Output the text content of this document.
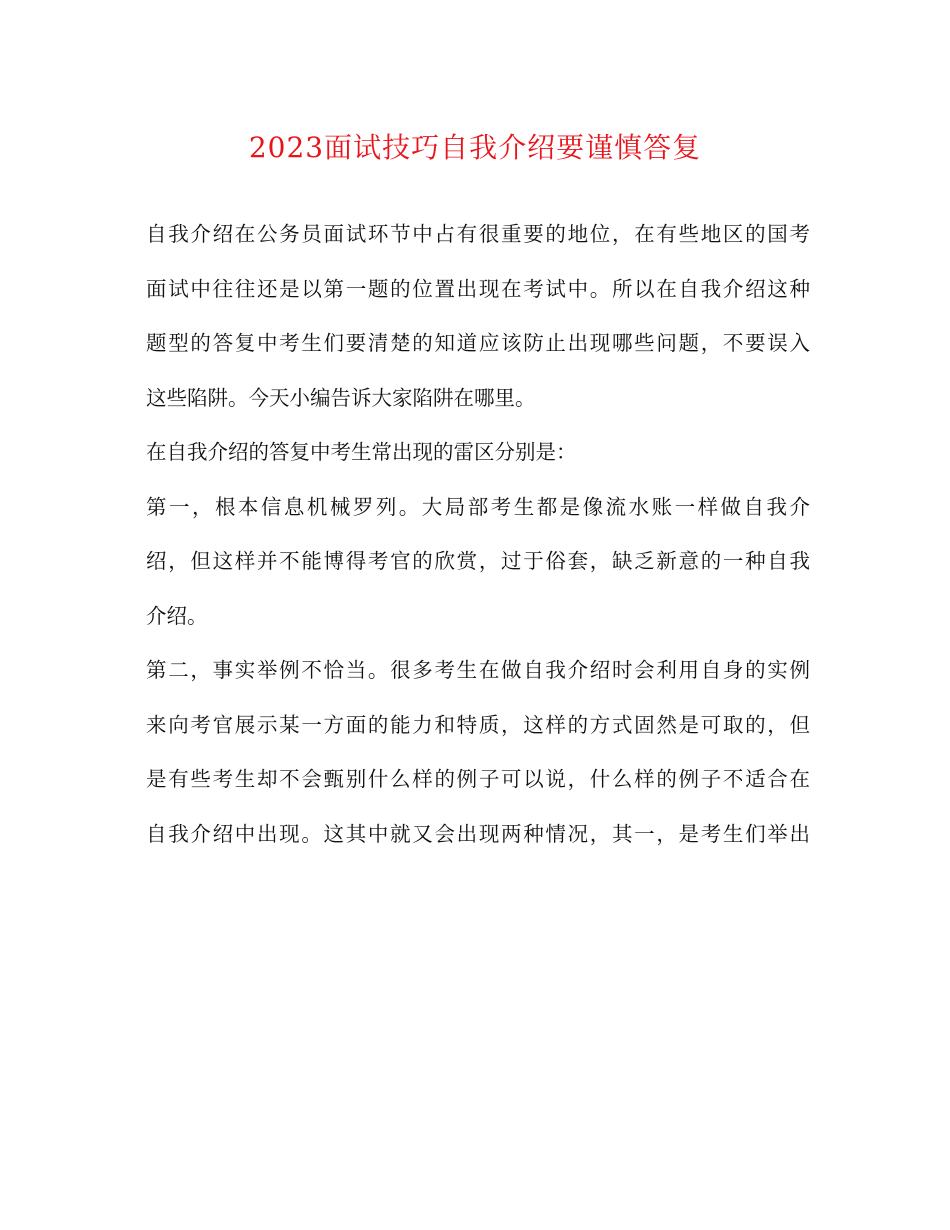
2023面试技巧自我介绍要谨慎答复
自我介绍在公务员面试环节中占有很重要的地位，在有些地区的国考
面试中往往还是以第一题的位置出现在考试中。所以在自我介绍这种
题型的答复中考生们要清楚的知道应该防止出现哪些问题，不要误入
这些陷阱。今天小编告诉大家陷阱在哪里。
在自我介绍的答复中考生常出现的雷区分别是：
第一，根本信息机械罗列。大局部考生都是像流水账一样做自我介
绍，但这样并不能博得考官的欣赏，过于俗套，缺乏新意的一种自我
介绍。
第二，事实举例不恰当。很多考生在做自我介绍时会利用自身的实例
来向考官展示某一方面的能力和特质，这样的方式固然是可取的，但
是有些考生却不会甄别什么样的例子可以说，什么样的例子不适合在
自我介绍中出现。这其中就又会出现两种情况，其一，是考生们举出
